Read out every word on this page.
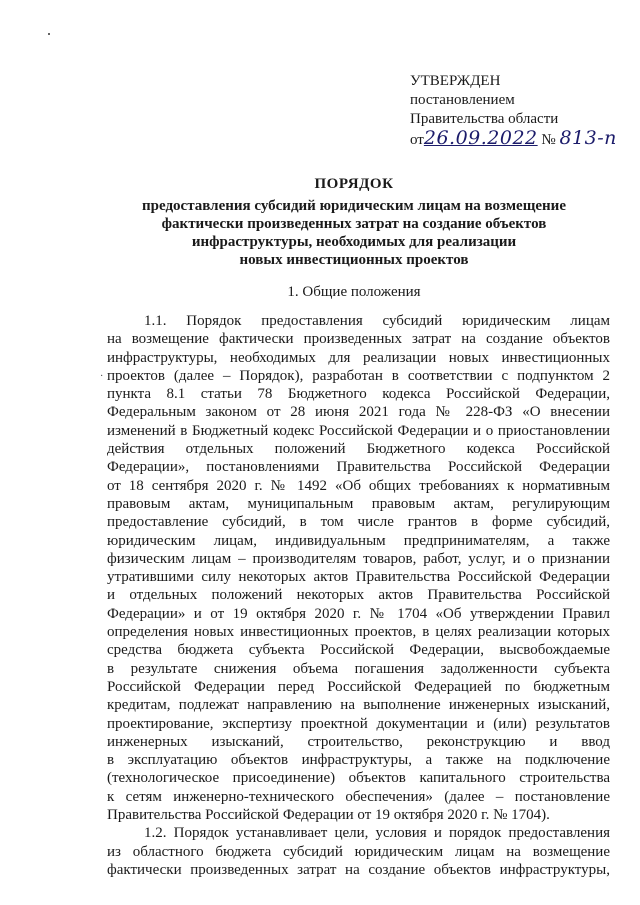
УТВЕРЖДЕН
постановлением
Правительства области
от26.09.2022 № 813-п
ПОРЯДОК
предоставления субсидий юридическим лицам на возмещение
фактически произведенных затрат на создание объектов
инфраструктуры, необходимых для реализации
новых инвестиционных проектов
1. Общие положения
·
1.1. Порядок предоставления субсидий юридическим лицам
на возмещение фактически произведенных затрат на создание объектов
инфраструктуры, необходимых для реализации новых инвестиционных
проектов (далее – Порядок), разработан в соответствии с подпунктом 2
пункта 8.1 статьи 78 Бюджетного кодекса Российской Федерации,
Федеральным законом от 28 июня 2021 года № 228-ФЗ «О внесении
изменений в Бюджетный кодекс Российской Федерации и о приостановлении
действия отдельных положений Бюджетного кодекса Российской
Федерации», постановлениями Правительства Российской Федерации
от 18 сентября 2020 г. № 1492 «Об общих требованиях к нормативным
правовым актам, муниципальным правовым актам, регулирующим
предоставление субсидий, в том числе грантов в форме субсидий,
юридическим лицам, индивидуальным предпринимателям, а также
физическим лицам – производителям товаров, работ, услуг, и о признании
утратившими силу некоторых актов Правительства Российской Федерации
и отдельных положений некоторых актов Правительства Российской
Федерации» и от 19 октября 2020 г. № 1704 «Об утверждении Правил
определения новых инвестиционных проектов, в целях реализации которых
средства бюджета субъекта Российской Федерации, высвобождаемые
в результате снижения объема погашения задолженности субъекта
Российской Федерации перед Российской Федерацией по бюджетным
кредитам, подлежат направлению на выполнение инженерных изысканий,
проектирование, экспертизу проектной документации и (или) результатов
инженерных изысканий, строительство, реконструкцию и ввод
в эксплуатацию объектов инфраструктуры, а также на подключение
(технологическое присоединение) объектов капитального строительства
к сетям инженерно-технического обеспечения» (далее – постановление
Правительства Российской Федерации от 19 октября 2020 г. № 1704).
1.2. Порядок устанавливает цели, условия и порядок предоставления
из областного бюджета субсидий юридическим лицам на возмещение
фактически произведенных затрат на создание объектов инфраструктуры,
